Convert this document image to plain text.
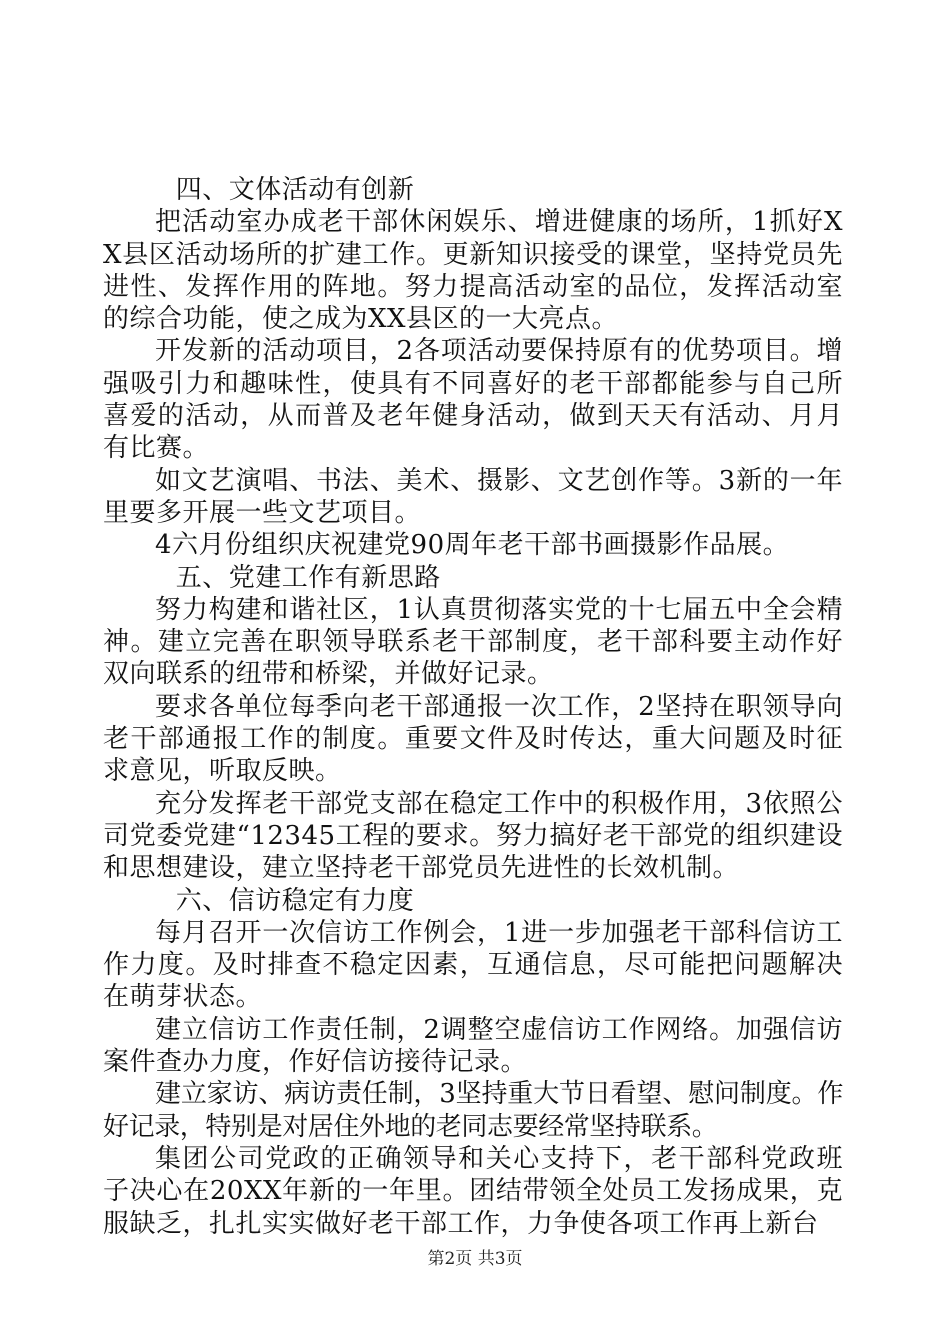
四、文体活动有创新

把活动室办成老干部休闲娱乐、增进健康的场所，1抓好XX县区活动场所的扩建工作。更新知识接受的课堂，坚持党员先进性、发挥作用的阵地。努力提高活动室的品位，发挥活动室的综合功能，使之成为XX县区的一大亮点。

开发新的活动项目，2各项活动要保持原有的优势项目。增强吸引力和趣味性，使具有不同喜好的老干部都能参与自己所喜爱的活动，从而普及老年健身活动，做到天天有活动、月月有比赛。

如文艺演唱、书法、美术、摄影、文艺创作等。3新的一年里要多开展一些文艺项目。

4六月份组织庆祝建党90周年老干部书画摄影作品展。

五、党建工作有新思路

努力构建和谐社区，1认真贯彻落实党的十七届五中全会精神。建立完善在职领导联系老干部制度，老干部科要主动作好双向联系的纽带和桥梁，并做好记录。

要求各单位每季向老干部通报一次工作，2坚持在职领导向老干部通报工作的制度。重要文件及时传达，重大问题及时征求意见，听取反映。

充分发挥老干部党支部在稳定工作中的积极作用，3依照公司党委党建“12345工程的要求。努力搞好老干部党的组织建设和思想建设，建立坚持老干部党员先进性的长效机制。

六、信访稳定有力度

每月召开一次信访工作例会，1进一步加强老干部科信访工作力度。及时排查不稳定因素，互通信息，尽可能把问题解决在萌芽状态。

建立信访工作责任制，2调整空虚信访工作网络。加强信访案件查办力度，作好信访接待记录。

建立家访、病访责任制，3坚持重大节日看望、慰问制度。作好记录，特别是对居住外地的老同志要经常坚持联系。

集团公司党政的正确领导和关心支持下，老干部科党政班子决心在20XX年新的一年里。团结带领全处员工发扬成果，克服缺乏，扎扎实实做好老干部工作，力争使各项工作再上新台

第2页 共3页
